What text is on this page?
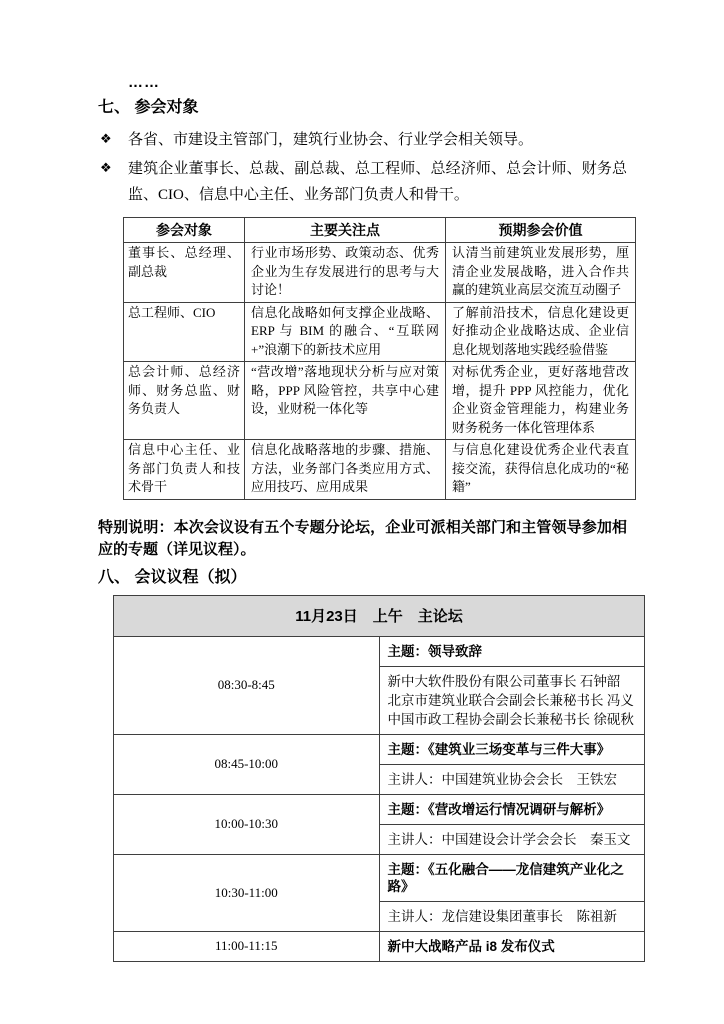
……
七、 参会对象
❖ 各省、市建设主管部门，建筑行业协会、行业学会相关领导。
❖ 建筑企业董事长、总裁、副总裁、总工程师、总经济师、总会计师、财务总监、CIO、信息中心主任、业务部门负责人和骨干。
参会对象	主要关注点	预期参会价值
董事长、总经理、副总裁	行业市场形势、政策动态、优秀企业为生存发展进行的思考与大讨论！	认清当前建筑业发展形势，厘清企业发展战略，进入合作共赢的建筑业高层交流互动圈子
总工程师、CIO	信息化战略如何支撑企业战略、ERP 与 BIM 的融合、“互联网+”浪潮下的新技术应用	了解前沿技术，信息化建设更好推动企业战略达成、企业信息化规划落地实践经验借鉴
总会计师、总经济师、财务总监、财务负责人	“营改增”落地现状分析与应对策略，PPP 风险管控，共享中心建设，业财税一体化等	对标优秀企业，更好落地营改增，提升 PPP 风控能力，优化企业资金管理能力，构建业务财务税务一体化管理体系
信息中心主任、业务部门负责人和技术骨干	信息化战略落地的步骤、措施、方法，业务部门各类应用方式、应用技巧、应用成果	与信息化建设优秀企业代表直接交流，获得信息化成功的“秘籍”

特别说明：本次会议设有五个专题分论坛，企业可派相关部门和主管领导参加相应的专题（详见议程）。

八、 会议议程（拟）
11月23日　上午　主论坛	
08:30-8:45	主题：领导致辞

	新中大软件股份有限公司董事长 石钟韶
北京市建筑业联合会副会长兼秘书长 冯义
中国市政工程协会副会长兼秘书长 徐砚秋

08:45-10:00	主题：《建筑业三场变革与三件大事》
	主讲人：中国建筑业协会会长　王铁宏
10:00-10:30	主题：《营改增运行情况调研与解析》
	主讲人：中国建设会计学会会长　秦玉文
10:30-11:00	主题：《五化融合——龙信建筑产业化之路》
	主讲人：龙信建设集团董事长　陈祖新
11:00-11:15	新中大战略产品 i8 发布仪式
